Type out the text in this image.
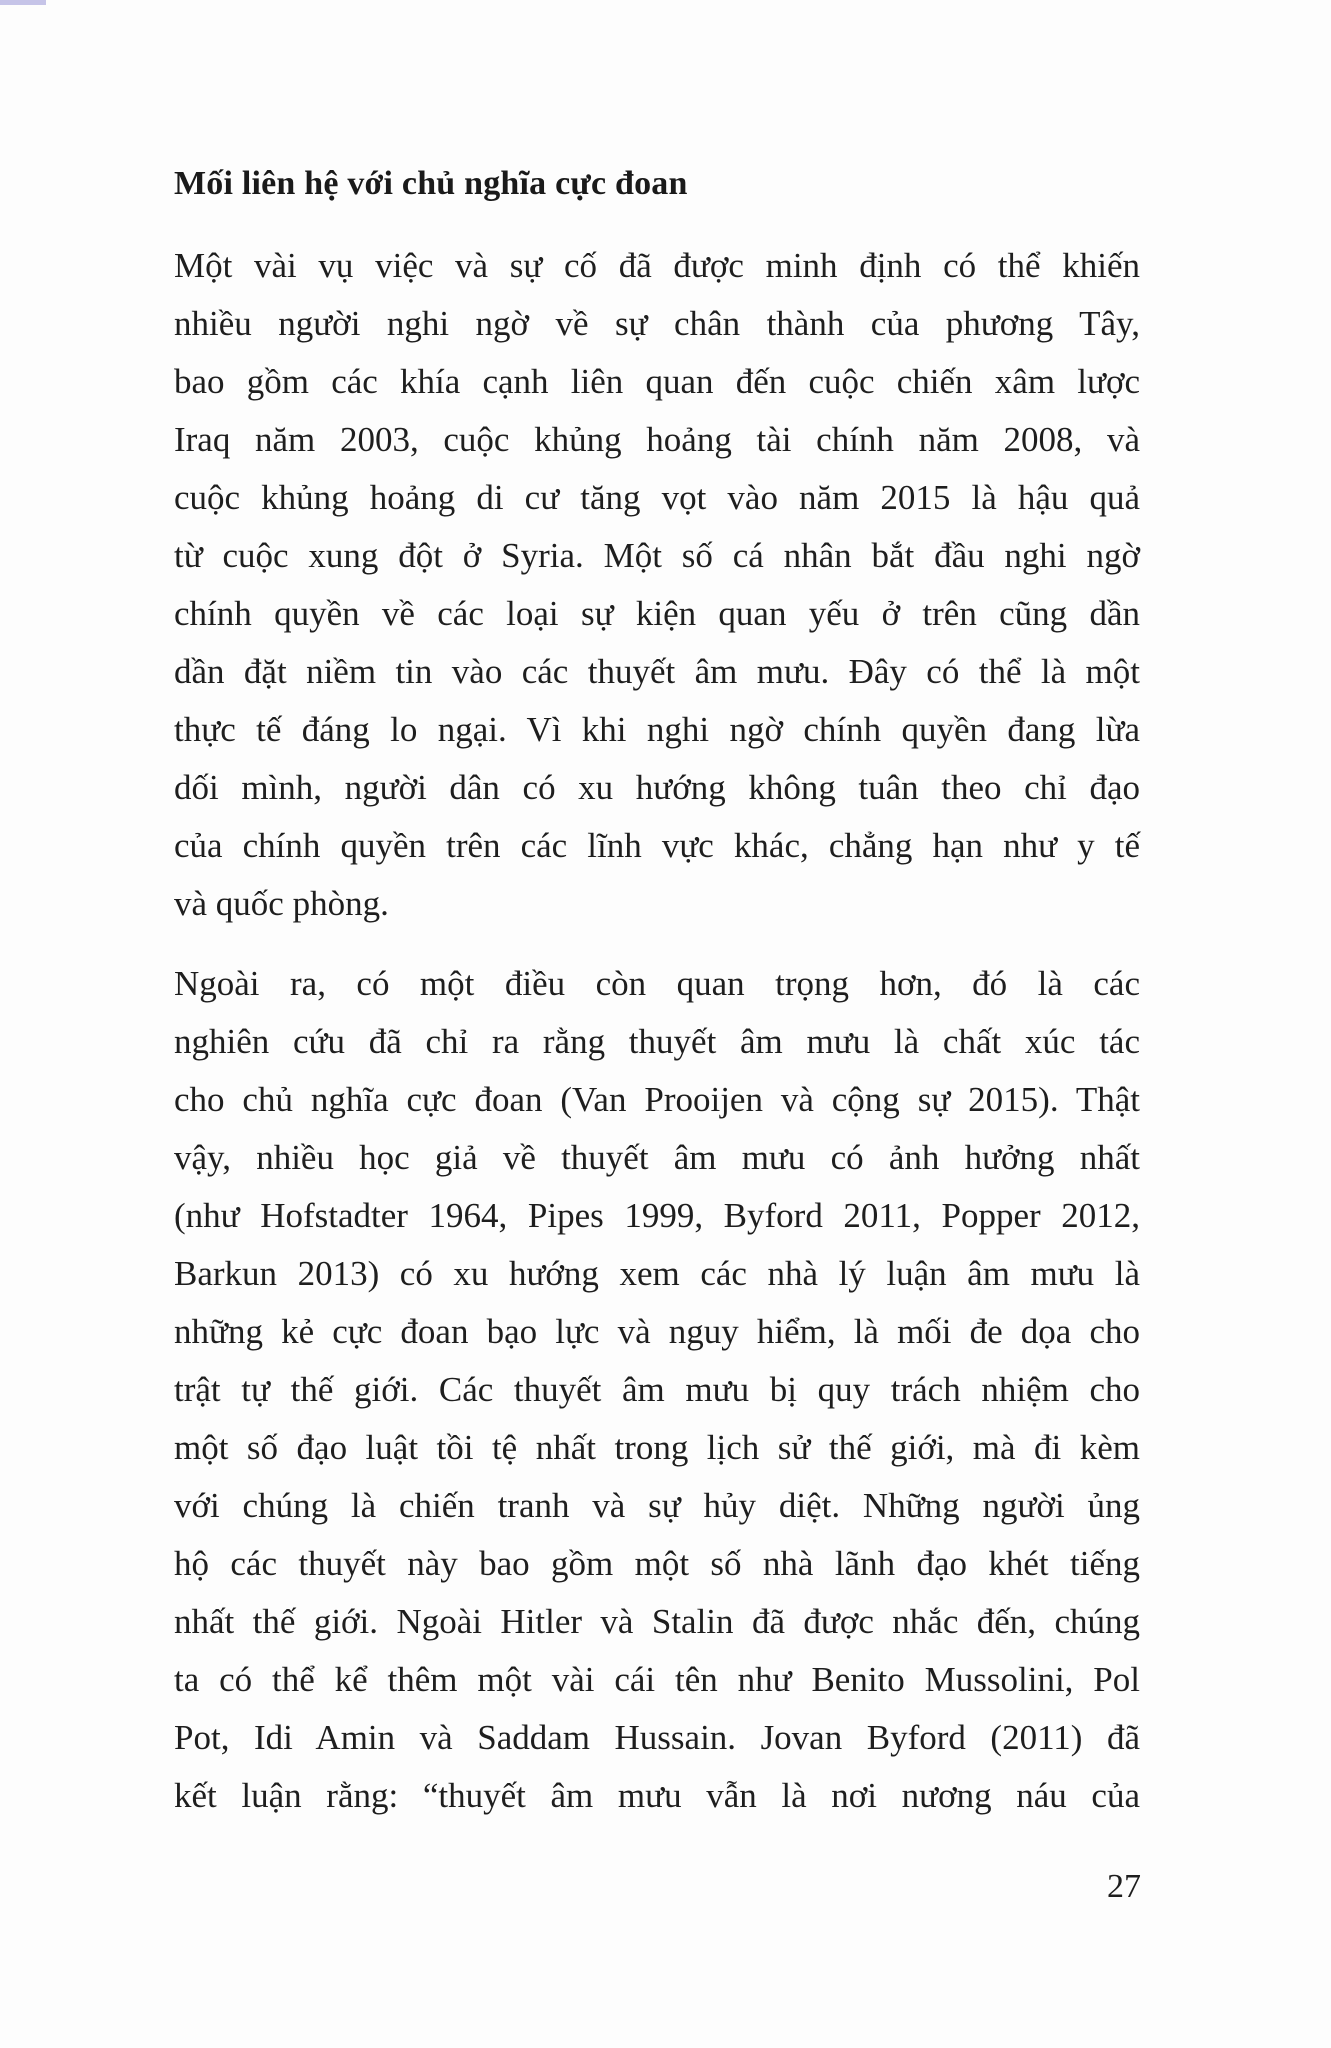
Mối liên hệ với chủ nghĩa cực đoan
Một vài vụ việc và sự cố đã được minh định có thể khiến
nhiều người nghi ngờ về sự chân thành của phương Tây,
bao gồm các khía cạnh liên quan đến cuộc chiến xâm lược
Iraq năm 2003, cuộc khủng hoảng tài chính năm 2008, và
cuộc khủng hoảng di cư tăng vọt vào năm 2015 là hậu quả
từ cuộc xung đột ở Syria. Một số cá nhân bắt đầu nghi ngờ
chính quyền về các loại sự kiện quan yếu ở trên cũng dần
dần đặt niềm tin vào các thuyết âm mưu. Đây có thể là một
thực tế đáng lo ngại. Vì khi nghi ngờ chính quyền đang lừa
dối mình, người dân có xu hướng không tuân theo chỉ đạo
của chính quyền trên các lĩnh vực khác, chẳng hạn như y tế
và quốc phòng.
Ngoài ra, có một điều còn quan trọng hơn, đó là các
nghiên cứu đã chỉ ra rằng thuyết âm mưu là chất xúc tác
cho chủ nghĩa cực đoan (Van Prooijen và cộng sự 2015). Thật
vậy, nhiều học giả về thuyết âm mưu có ảnh hưởng nhất
(như Hofstadter 1964, Pipes 1999, Byford 2011, Popper 2012,
Barkun 2013) có xu hướng xem các nhà lý luận âm mưu là
những kẻ cực đoan bạo lực và nguy hiểm, là mối đe dọa cho
trật tự thế giới. Các thuyết âm mưu bị quy trách nhiệm cho
một số đạo luật tồi tệ nhất trong lịch sử thế giới, mà đi kèm
với chúng là chiến tranh và sự hủy diệt. Những người ủng
hộ các thuyết này bao gồm một số nhà lãnh đạo khét tiếng
nhất thế giới. Ngoài Hitler và Stalin đã được nhắc đến, chúng
ta có thể kể thêm một vài cái tên như Benito Mussolini, Pol
Pot, Idi Amin và Saddam Hussain. Jovan Byford (2011) đã
kết luận rằng: “thuyết âm mưu vẫn là nơi nương náu của
27
